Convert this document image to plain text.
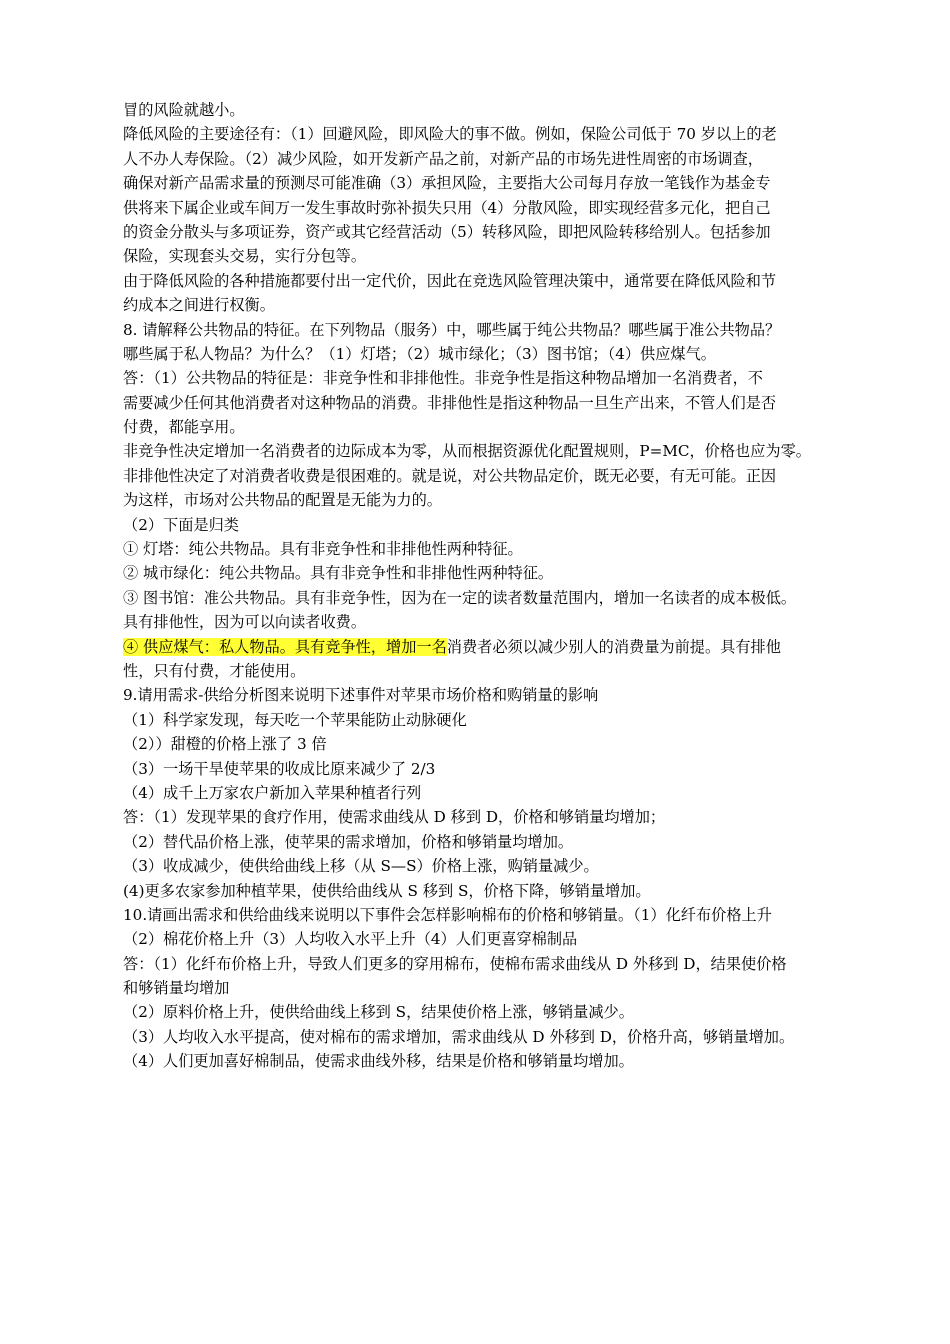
冒的风险就越小。
降低风险的主要途径有：（1）回避风险，即风险大的事不做。例如，保险公司低于 70 岁以上的老
人不办人寿保险。（2）减少风险，如开发新产品之前，对新产品的市场先进性周密的市场调查，
确保对新产品需求量的预测尽可能准确（3）承担风险，主要指大公司每月存放一笔钱作为基金专
供将来下属企业或车间万一发生事故时弥补损失只用（4）分散风险，即实现经营多元化，把自己
的资金分散头与多项证券，资产或其它经营活动（5）转移风险，即把风险转移给别人。包括参加
保险，实现套头交易，实行分包等。
由于降低风险的各种措施都要付出一定代价，因此在竞选风险管理决策中，通常要在降低风险和节
约成本之间进行权衡。
8. 请解释公共物品的特征。在下列物品（服务）中，哪些属于纯公共物品？哪些属于准公共物品？
哪些属于私人物品？为什么？（1）灯塔；（2）城市绿化；（3）图书馆；（4）供应煤气。
答：（1）公共物品的特征是：非竞争性和非排他性。非竞争性是指这种物品增加一名消费者，不
需要减少任何其他消费者对这种物品的消费。非排他性是指这种物品一旦生产出来，不管人们是否
付费，都能享用。
非竞争性决定增加一名消费者的边际成本为零，从而根据资源优化配置规则，P=MC，价格也应为零。
非排他性决定了对消费者收费是很困难的。就是说，对公共物品定价，既无必要，有无可能。正因
为这样，市场对公共物品的配置是无能为力的。
（2）下面是归类
① 灯塔：纯公共物品。具有非竞争性和非排他性两种特征。
② 城市绿化：纯公共物品。具有非竞争性和非排他性两种特征。
③ 图书馆：准公共物品。具有非竞争性，因为在一定的读者数量范围内，增加一名读者的成本极低。
具有排他性，因为可以向读者收费。
④ 供应煤气：私人物品。具有竞争性，增加一名消费者必须以减少别人的消费量为前提。具有排他
性，只有付费，才能使用。
9.请用需求-供给分析图来说明下述事件对苹果市场价格和购销量的影响
（1）科学家发现，每天吃一个苹果能防止动脉硬化
（2））甜橙的价格上涨了 3 倍
（3）一场干旱使苹果的收成比原来减少了 2/3
（4）成千上万家农户新加入苹果种植者行列
答：（1）发现苹果的食疗作用，使需求曲线从 D 移到 D，价格和够销量均增加；
（2）替代品价格上涨，使苹果的需求增加，价格和够销量均增加。
（3）收成减少，使供给曲线上移（从 S—S）价格上涨，购销量减少。
(4)更多农家参加种植苹果，使供给曲线从 S 移到 S，价格下降，够销量增加。
10.请画出需求和供给曲线来说明以下事件会怎样影响棉布的价格和够销量。（1）化纤布价格上升
（2）棉花价格上升（3）人均收入水平上升（4）人们更喜穿棉制品
答：（1）化纤布价格上升，导致人们更多的穿用棉布，使棉布需求曲线从 D 外移到 D，结果使价格
和够销量均增加
（2）原料价格上升，使供给曲线上移到 S，结果使价格上涨，够销量减少。
（3）人均收入水平提高，使对棉布的需求增加，需求曲线从 D 外移到 D，价格升高，够销量增加。
（4）人们更加喜好棉制品，使需求曲线外移，结果是价格和够销量均增加。
